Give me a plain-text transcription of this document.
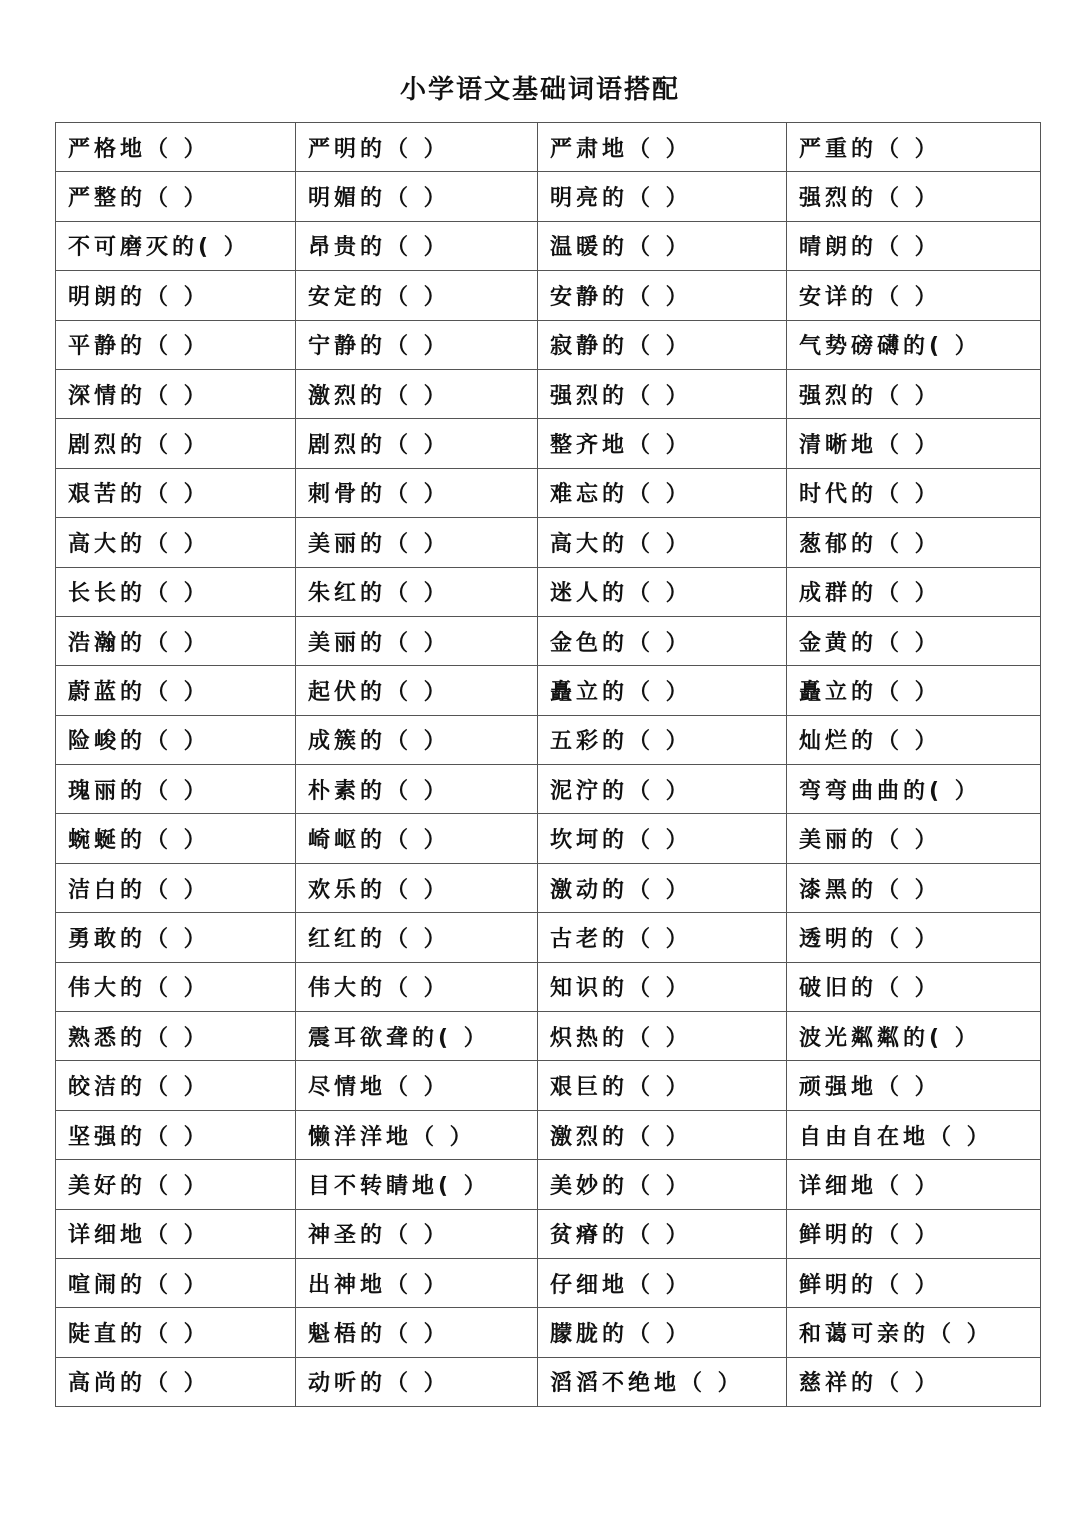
小学语文基础词语搭配
严格地（ ）	严明的（ ）	严肃地（ ）	严重的（ ）
严整的（ ）	明媚的（ ）	明亮的（ ）	强烈的（ ）
不可磨灭的( ）	昂贵的（ ）	温暖的（ ）	晴朗的（ ）
明朗的（ ）	安定的（ ）	安静的（ ）	安详的（ ）
平静的（ ）	宁静的（ ）	寂静的（ ）	气势磅礴的( ）
深情的（ ）	激烈的（ ）	强烈的（ ）	强烈的（ ）
剧烈的（ ）	剧烈的（ ）	整齐地（ ）	清晰地（ ）
艰苦的（ ）	刺骨的（ ）	难忘的（ ）	时代的（ ）
高大的（ ）	美丽的（ ）	高大的（ ）	葱郁的（ ）
长长的（ ）	朱红的（ ）	迷人的（ ）	成群的（ ）
浩瀚的（ ）	美丽的（ ）	金色的（ ）	金黄的（ ）
蔚蓝的（ ）	起伏的（ ）	矗立的（ ）	矗立的（ ）
险峻的（ ）	成簇的（ ）	五彩的（ ）	灿烂的（ ）
瑰丽的（ ）	朴素的（ ）	泥泞的（ ）	弯弯曲曲的( ）
蜿蜒的（ ）	崎岖的（ ）	坎坷的（ ）	美丽的（ ）
洁白的（ ）	欢乐的（ ）	激动的（ ）	漆黑的（ ）
勇敢的（ ）	红红的（ ）	古老的（ ）	透明的（ ）
伟大的（ ）	伟大的（ ）	知识的（ ）	破旧的（ ）
熟悉的（ ）	震耳欲聋的( ）	炽热的（ ）	波光粼粼的( ）
皎洁的（ ）	尽情地（ ）	艰巨的（ ）	顽强地（ ）
坚强的（ ）	懒洋洋地（ ）	激烈的（ ）	自由自在地（ ）
美好的（ ）	目不转睛地( ）	美妙的（ ）	详细地（ ）
详细地（ ）	神圣的（ ）	贫瘠的（ ）	鲜明的（ ）
喧闹的（ ）	出神地（ ）	仔细地（ ）	鲜明的（ ）
陡直的（ ）	魁梧的（ ）	朦胧的（ ）	和蔼可亲的（ ）
高尚的（ ）	动听的（ ）	滔滔不绝地（ ）	慈祥的（ ）
